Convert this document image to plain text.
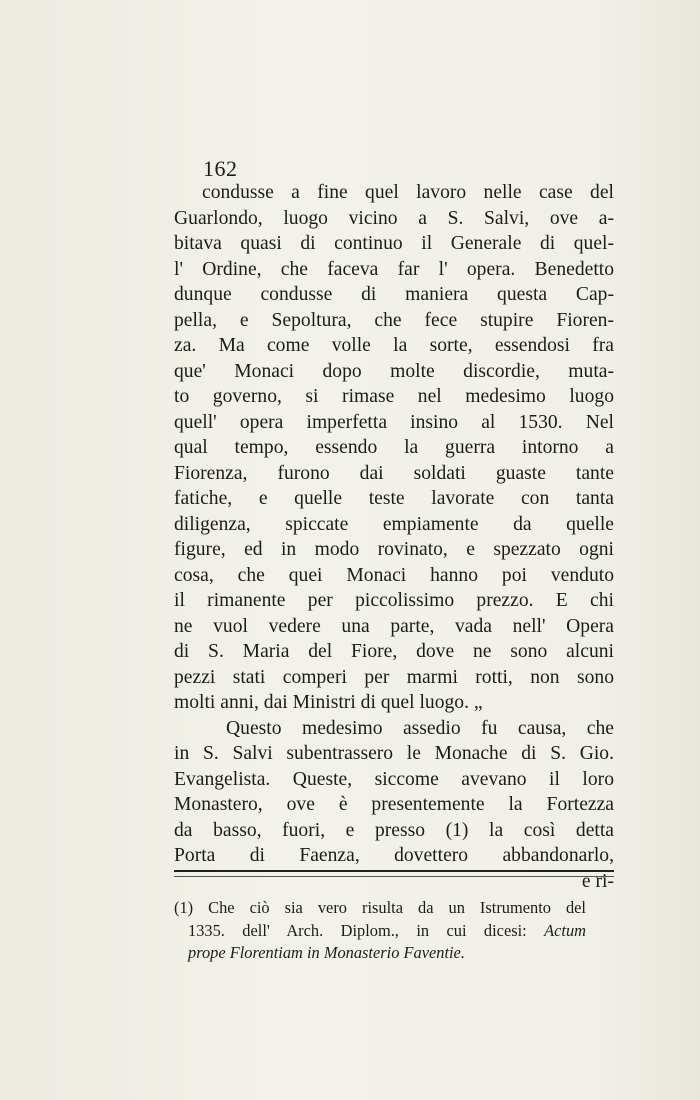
162
condusse a fine quel lavoro nelle case del
Guarlondo, luogo vicino a S. Salvi, ove a-
bitava quasi di continuo il Generale di quel-
l' Ordine, che faceva far l' opera. Benedetto
dunque condusse di maniera questa Cap-
pella, e Sepoltura, che fece stupire Fioren-
za. Ma come volle la sorte, essendosi fra
que' Monaci dopo molte discordie, muta-
to governo, si rimase nel medesimo luogo
quell' opera imperfetta insino al 1530. Nel
qual tempo, essendo la guerra intorno a
Fiorenza, furono dai soldati guaste tante
fatiche, e quelle teste lavorate con tanta
diligenza, spiccate empiamente da quelle
figure, ed in modo rovinato, e spezzato ogni
cosa, che quei Monaci hanno poi venduto
il rimanente per piccolissimo prezzo. E chi
ne vuol vedere una parte, vada nell' Opera
di S. Maria del Fiore, dove ne sono alcuni
pezzi stati comperi per marmi rotti, non sono
molti anni, dai Ministri di quel luogo. „
Questo medesimo assedio fu causa, che
in S. Salvi subentrassero le Monache di S. Gio.
Evangelista. Queste, siccome avevano il loro
Monastero, ove è presentemente la Fortezza
da basso, fuori, e presso (1) la così detta
Porta di Faenza, dovettero abbandonarlo,
e ri-
(1) Che ciò sia vero risulta da un Istrumento del
1335. dell' Arch. Diplom., in cui dicesi: Actum
prope Florentiam in Monasterio Faventie.
